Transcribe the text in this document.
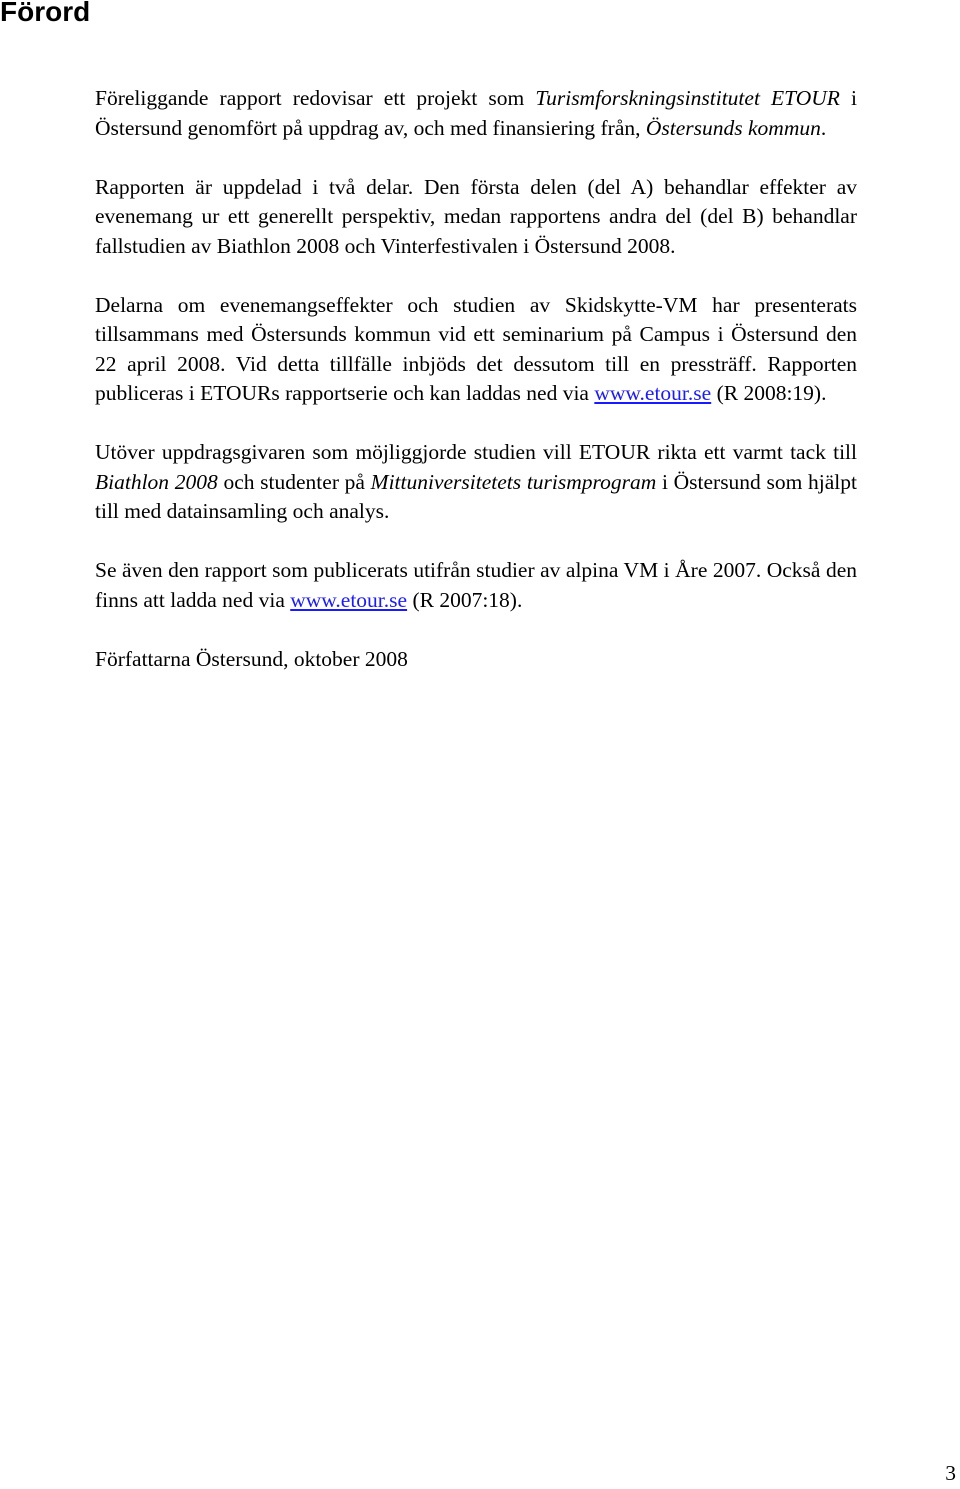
Förord

Föreliggande rapport redovisar ett projekt som Turismforskningsinstitutet ETOUR i Östersund genomfört på uppdrag av, och med finansiering från, Östersunds kommun.

Rapporten är uppdelad i två delar. Den första delen (del A) behandlar effekter av evenemang ur ett generellt perspektiv, medan rapportens andra del (del B) behandlar fallstudien av Biathlon 2008 och Vinterfestivalen i Östersund 2008.

Delarna om evenemangseffekter och studien av Skidskytte-VM har presenterats tillsammans med Östersunds kommun vid ett seminarium på Campus i Östersund den 22 april 2008. Vid detta tillfälle inbjöds det dessutom till en pressträff. Rapporten publiceras i ETOURs rapportserie och kan laddas ned via www.etour.se (R 2008:19).

Utöver uppdragsgivaren som möjliggjorde studien vill ETOUR rikta ett varmt tack till Biathlon 2008 och studenter på Mittuniversitetets turismprogram i Östersund som hjälpt till med datainsamling och analys.

Se även den rapport som publicerats utifrån studier av alpina VM i Åre 2007. Också den finns att ladda ned via www.etour.se (R 2007:18).

Författarna Östersund, oktober 2008

3
